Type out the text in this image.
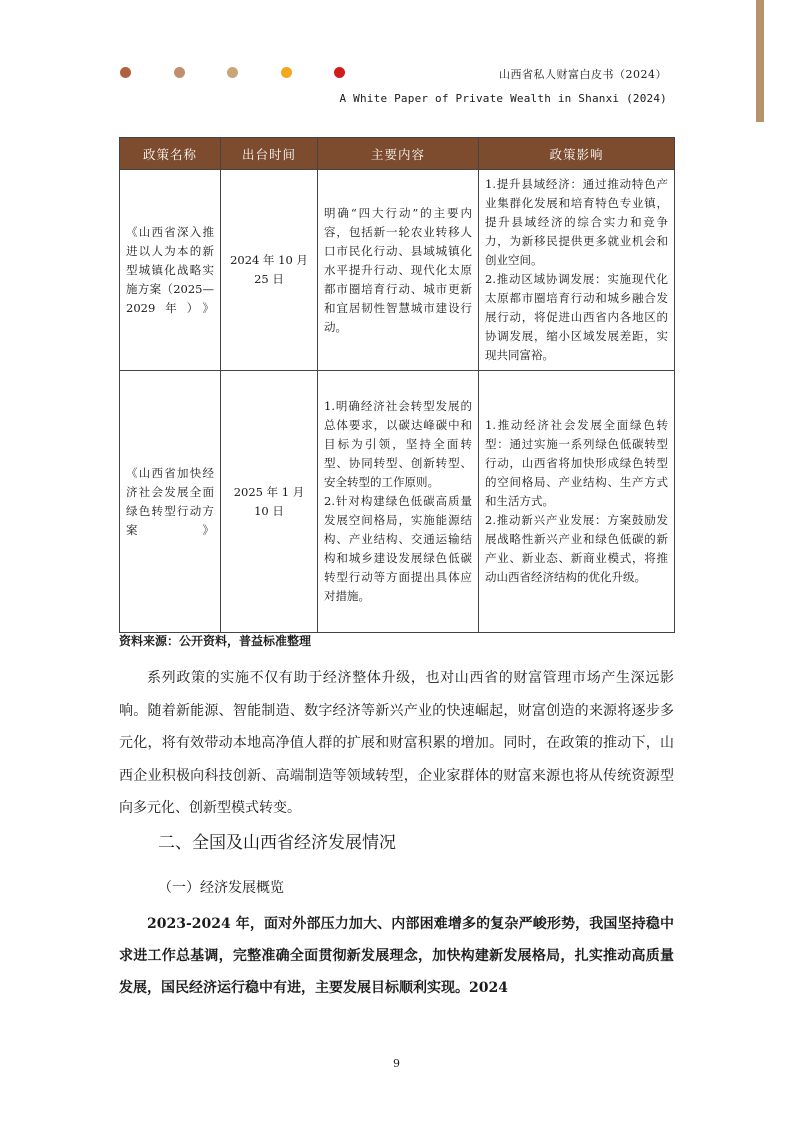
山西省私人财富白皮书（2024）
A White Paper of Private Wealth in Shanxi (2024)
政策名称	出台时间	主要内容	政策影响
《山西省深入推进以人为本的新型城镇化战略实施方案（2025—2029年）》	2024 年 10 月 25 日	明确“四大行动”的主要内容，包括新一轮农业转移人口市民化行动、县域城镇化水平提升行动、现代化太原都市圈培育行动、城市更新和宜居韧性智慧城市建设行动。	1.提升县域经济：通过推动特色产业集群化发展和培育特色专业镇，提升县域经济的综合实力和竞争力，为新移民提供更多就业机会和创业空间。
2.推动区域协调发展：实施现代化太原都市圈培育行动和城乡融合发展行动，将促进山西省内各地区的协调发展，缩小区域发展差距，实现共同富裕。

《山西省加快经济社会发展全面绿色转型行动方案》	2025 年 1 月 10 日	1.明确经济社会转型发展的总体要求，以碳达峰碳中和目标为引领，坚持全面转型、协同转型、创新转型、安全转型的工作原则。
2.针对构建绿色低碳高质量发展空间格局，实施能源结构、产业结构、交通运输结构和城乡建设发展绿色低碳转型行动等方面提出具体应对措施。	1.推动经济社会发展全面绿色转型：通过实施一系列绿色低碳转型行动，山西省将加快形成绿色转型的空间格局、产业结构、生产方式和生活方式。
2.推动新兴产业发展：方案鼓励发展战略性新兴产业和绿色低碳的新产业、新业态、新商业模式，将推动山西省经济结构的优化升级。
资料来源：公开资料，普益标准整理
系列政策的实施不仅有助于经济整体升级，也对山西省的财富管理市场产生深远影响。随着新能源、智能制造、数字经济等新兴产业的快速崛起，财富创造的来源将逐步多元化，将有效带动本地高净值人群的扩展和财富积累的增加。同时，在政策的推动下，山西企业积极向科技创新、高端制造等领域转型，企业家群体的财富来源也将从传统资源型向多元化、创新型模式转变。
二、全国及山西省经济发展情况
（一）经济发展概览
2023-2024 年，面对外部压力加大、内部困难增多的复杂严峻形势，我国坚持稳中求进工作总基调，完整准确全面贯彻新发展理念，加快构建新发展格局，扎实推动高质量发展，国民经济运行稳中有进，主要发展目标顺利实现。2024
9
